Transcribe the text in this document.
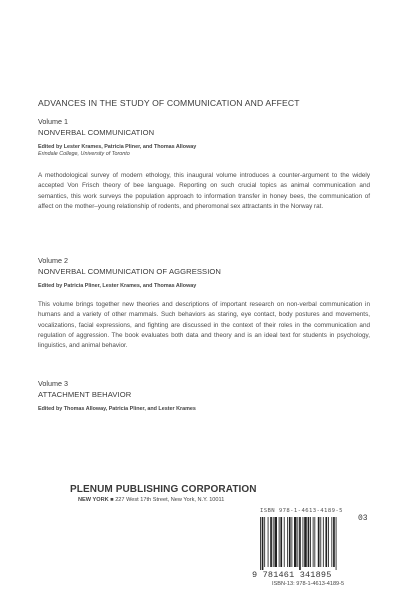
ADVANCES IN THE STUDY OF COMMUNICATION AND AFFECT
Volume 1
NONVERBAL COMMUNICATION
Edited by Lester Krames, Patricia Pliner, and Thomas Alloway
Erindale College, University of Toronto
A methodological survey of modern ethology, this inaugural volume introduces a counter-argument to the widely accepted Von Frisch theory of bee language. Reporting on such crucial topics as animal communication and semantics, this work surveys the population approach to information transfer in honey bees, the communication of affect on the mother–young relationship of rodents, and pheromonal sex attractants in the Norway rat.
Volume 2
NONVERBAL COMMUNICATION OF AGGRESSION
Edited by Patricia Pliner, Lester Krames, and Thomas Alloway
This volume brings together new theories and descriptions of important research on non-verbal communication in humans and a variety of other mammals. Such behaviors as staring, eye contact, body postures and movements, vocalizations, facial expressions, and fighting are discussed in the context of their roles in the communication and regulation of aggression. The book evaluates both data and theory and is an ideal text for students in psychology, linguistics, and animal behavior.
Volume 3
ATTACHMENT BEHAVIOR
Edited by Thomas Alloway, Patricia Pliner, and Lester Krames
PLENUM PUBLISHING CORPORATION
NEW YORK ■ 227 West 17th Street, New York, N.Y. 10011
ISBN 978-1-4613-4189-5
03
9 781461 341895
ISBN-13: 978-1-4613-4189-5
